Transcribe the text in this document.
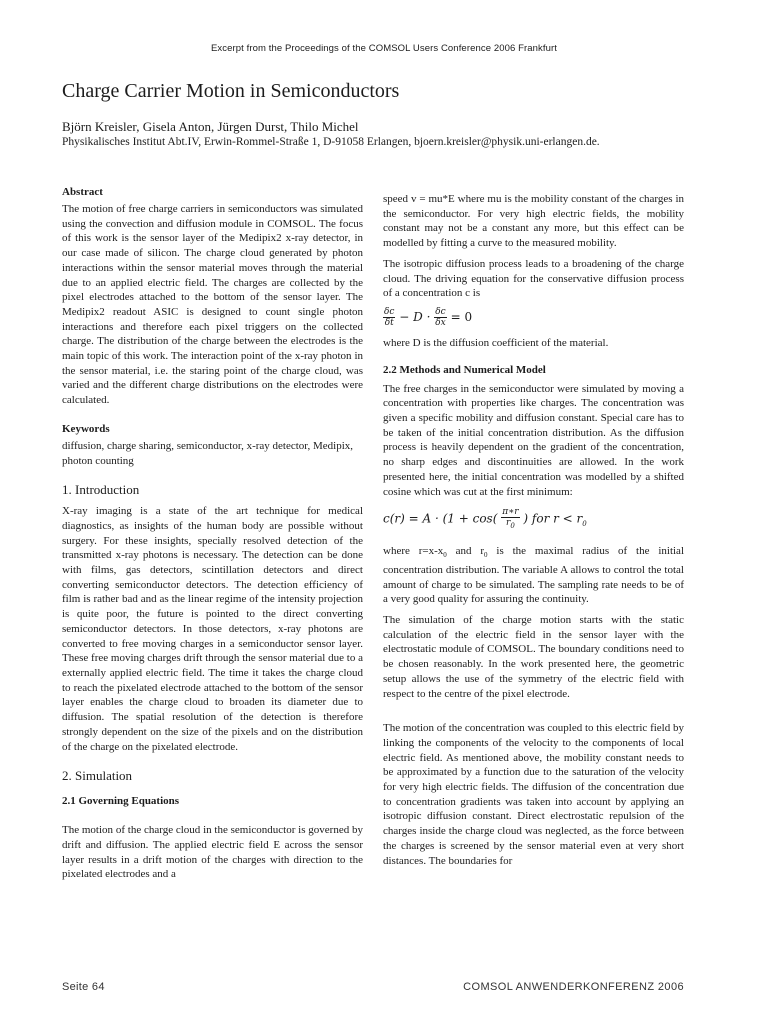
Excerpt from the Proceedings of the COMSOL Users Conference 2006 Frankfurt
Charge Carrier Motion in Semiconductors
Björn Kreisler, Gisela Anton, Jürgen Durst, Thilo Michel
Physikalisches Institut Abt.IV, Erwin-Rommel-Straße 1, D-91058 Erlangen, bjoern.kreisler@physik.uni-erlangen.de.
Abstract

The motion of free charge carriers in semiconductors was simulated using the convection and diffusion module in COMSOL. The focus of this work is the sensor layer of the Medipix2 x-ray detector, in our case made of silicon. The charge cloud generated by photon interactions within the sensor material moves through the material due to an applied electric field. The charges are collected by the pixel electrodes attached to the bottom of the sensor layer. The Medipix2 readout ASIC is designed to count single photon interactions and therefore each pixel triggers on the collected charge. The distribution of the charge between the electrodes is the main topic of this work. The interaction point of the x-ray photon in the sensor material, i.e. the staring point of the charge cloud, was varied and the different charge distributions on the electrodes were calculated.

Keywords

diffusion, charge sharing, semiconductor, x-ray detector, Medipix, photon counting

1. Introduction

X-ray imaging is a state of the art technique for medical diagnostics, as insights of the human body are possible without surgery. For these insights, specially resolved detection of the transmitted x-ray photons is necessary. The detection can be done with films, gas detectors, scintillation detectors and direct converting semiconductor detectors. The detection efficiency of film is rather bad and as the linear regime of the intensity projection is quite poor, the future is pointed to the direct converting semiconductor detectors. In those detectors, x-ray photons are converted to free moving charges in a semiconductor sensor layer. These free moving charges drift through the sensor material due to a externally applied electric field. The time it takes the charge cloud to reach the pixelated electrode attached to the bottom of the sensor layer enables the charge cloud to broaden its diameter due to diffusion. The spatial resolution of the detection is therefore strongly dependent on the size of the pixels and on the distribution of the charge on the pixelated electrode.

2. Simulation
2.1 Governing Equations

The motion of the charge cloud in the semiconductor is governed by drift and diffusion. The applied electric field E across the sensor layer results in a drift motion of the charges with direction to the pixelated electrodes and a

speed v = mu*E where mu is the mobility constant of the charges in the semiconductor. For very high electric fields, the mobility constant may not be a constant any more, but this effect can be modelled by fitting a curve to the measured mobility.

The isotropic diffusion process leads to a broadening of the charge cloud. The driving equation for the conservative diffusion process of a concentration c is

$\frac{\delta c}{\delta t} - D \cdot \frac{\delta c}{\delta x} = 0$

where D is the diffusion coefficient of the material.

2.2 Methods and Numerical Model

The free charges in the semiconductor were simulated by moving a concentration with properties like charges. The concentration was given a specific mobility and diffusion constant. Special care has to be taken of the initial concentration distribution. As the diffusion process is heavily dependent on the gradient of the concentration, no sharp edges and discontinuities are allowed. In the work presented here, the initial concentration was modelled by a shifted cosine which was cut at the first minimum:

$c(r) = A \cdot (1 + \cos( \frac{\pi∗r}{r_0}$ ) for $r < r_0$

where $r=x-x_0$ and $r_0$ is the maximal radius of the initial concentration distribution. The variable A allows to control the total amount of charge to be simulated. The sampling rate needs to be of a very good quality for assuring the continuity.

The simulation of the charge motion starts with the static calculation of the electric field in the sensor layer with the electrostatic module of COMSOL. The boundary conditions need to be chosen reasonably. In the work presented here, the geometric setup allows the use of the symmetry of the electric field with respect to the centre of the pixel electrode.

The motion of the concentration was coupled to this electric field by linking the components of the velocity to the components of local electric field. As mentioned above, the mobility constant needs to be approximated by a function due to the saturation of the velocity for very high electric fields. The diffusion of the concentration due to concentration gradients was taken into account by applying an isotropic diffusion constant. Direct electrostatic repulsion of the charges inside the charge cloud was neglected, as the force between the charges is screened by the sensor material even at very short distances. The boundaries for

Seite 64	COMSOL ANWENDERKONFERENZ 2006
